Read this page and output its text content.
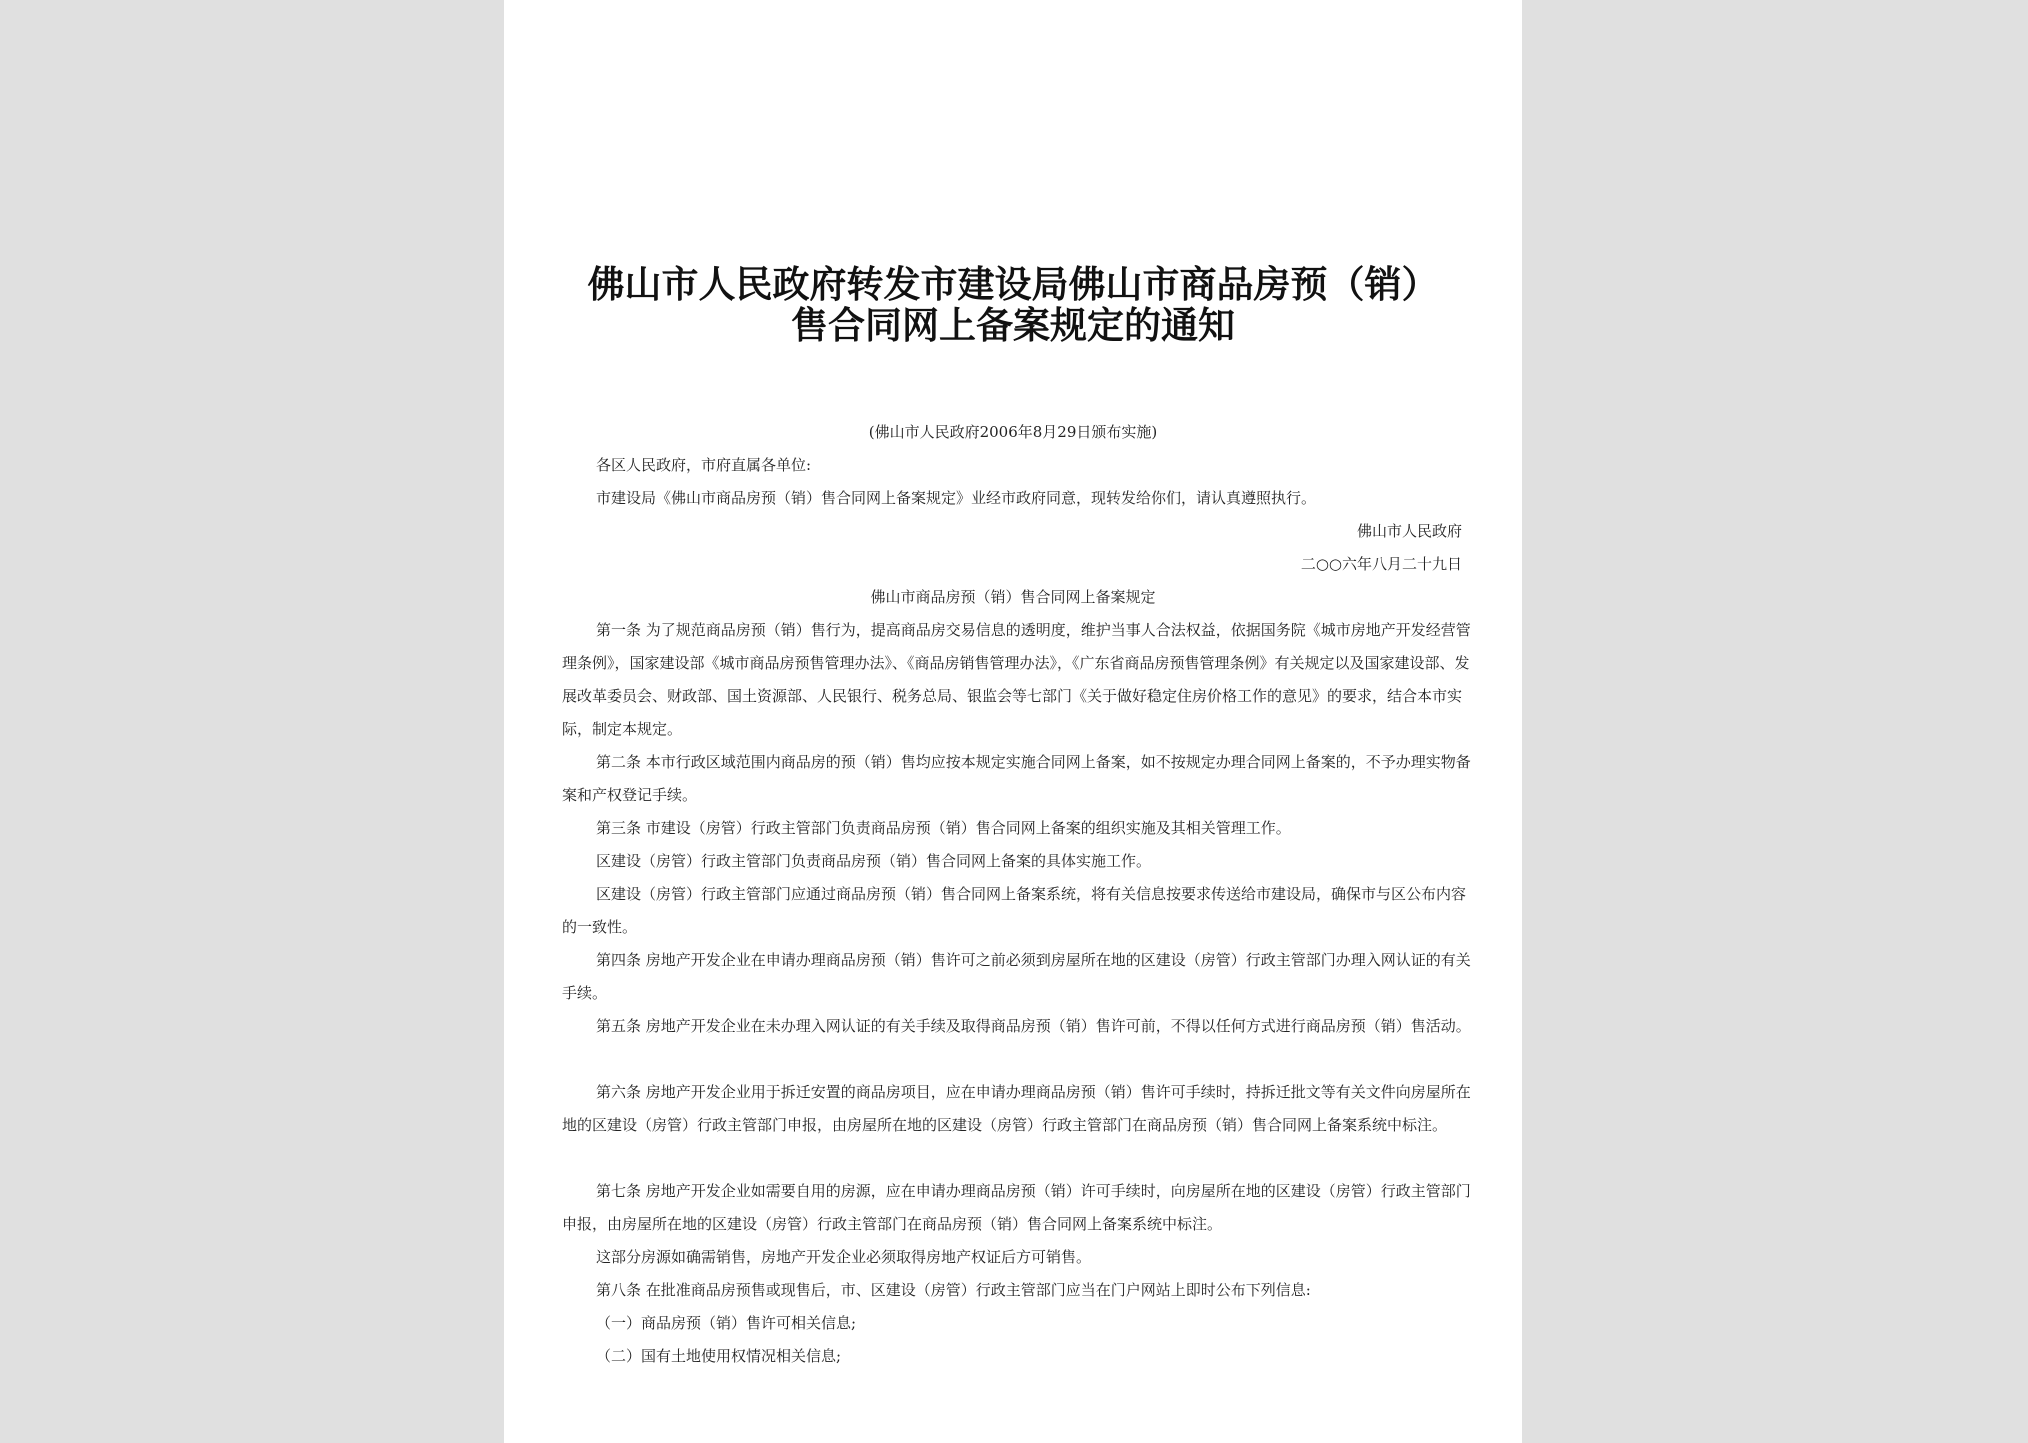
佛山市人民政府转发市建设局佛山市商品房预（销）
售合同网上备案规定的通知
(佛山市人民政府2006年8月29日颁布实施)
各区人民政府，市府直属各单位:
市建设局《佛山市商品房预（销）售合同网上备案规定》业经市政府同意，现转发给你们，请认真遵照执行。
佛山市人民政府
二○○六年八月二十九日
佛山市商品房预（销）售合同网上备案规定

第一条 为了规范商品房预（销）售行为，提高商品房交易信息的透明度，维护当事人合法权益，依据国务院《城市房地产开发经营管理条例》，国家建设部《城市商品房预售管理办法》、《商品房销售管理办法》，《广东省商品房预售管理条例》有关规定以及国家建设部、发展改革委员会、财政部、国土资源部、人民银行、税务总局、银监会等七部门《关于做好稳定住房价格工作的意见》的要求，结合本市实际，制定本规定。

第二条 本市行政区域范围内商品房的预（销）售均应按本规定实施合同网上备案，如不按规定办理合同网上备案的，不予办理实物备案和产权登记手续。

第三条 市建设（房管）行政主管部门负责商品房预（销）售合同网上备案的组织实施及其相关管理工作。

区建设（房管）行政主管部门负责商品房预（销）售合同网上备案的具体实施工作。

区建设（房管）行政主管部门应通过商品房预（销）售合同网上备案系统，将有关信息按要求传送给市建设局，确保市与区公布内容的一致性。

第四条 房地产开发企业在申请办理商品房预（销）售许可之前必须到房屋所在地的区建设（房管）行政主管部门办理入网认证的有关手续。

第五条 房地产开发企业在未办理入网认证的有关手续及取得商品房预（销）售许可前，不得以任何方式进行商品房预（销）售活动。

第六条 房地产开发企业用于拆迁安置的商品房项目，应在申请办理商品房预（销）售许可手续时，持拆迁批文等有关文件向房屋所在地的区建设（房管）行政主管部门申报，由房屋所在地的区建设（房管）行政主管部门在商品房预（销）售合同网上备案系统中标注。

第七条 房地产开发企业如需要自用的房源，应在申请办理商品房预（销）许可手续时，向房屋所在地的区建设（房管）行政主管部门申报，由房屋所在地的区建设（房管）行政主管部门在商品房预（销）售合同网上备案系统中标注。

这部分房源如确需销售，房地产开发企业必须取得房地产权证后方可销售。

第八条 在批准商品房预售或现售后，市、区建设（房管）行政主管部门应当在门户网站上即时公布下列信息:

（一）商品房预（销）售许可相关信息;

（二）国有土地使用权情况相关信息;
